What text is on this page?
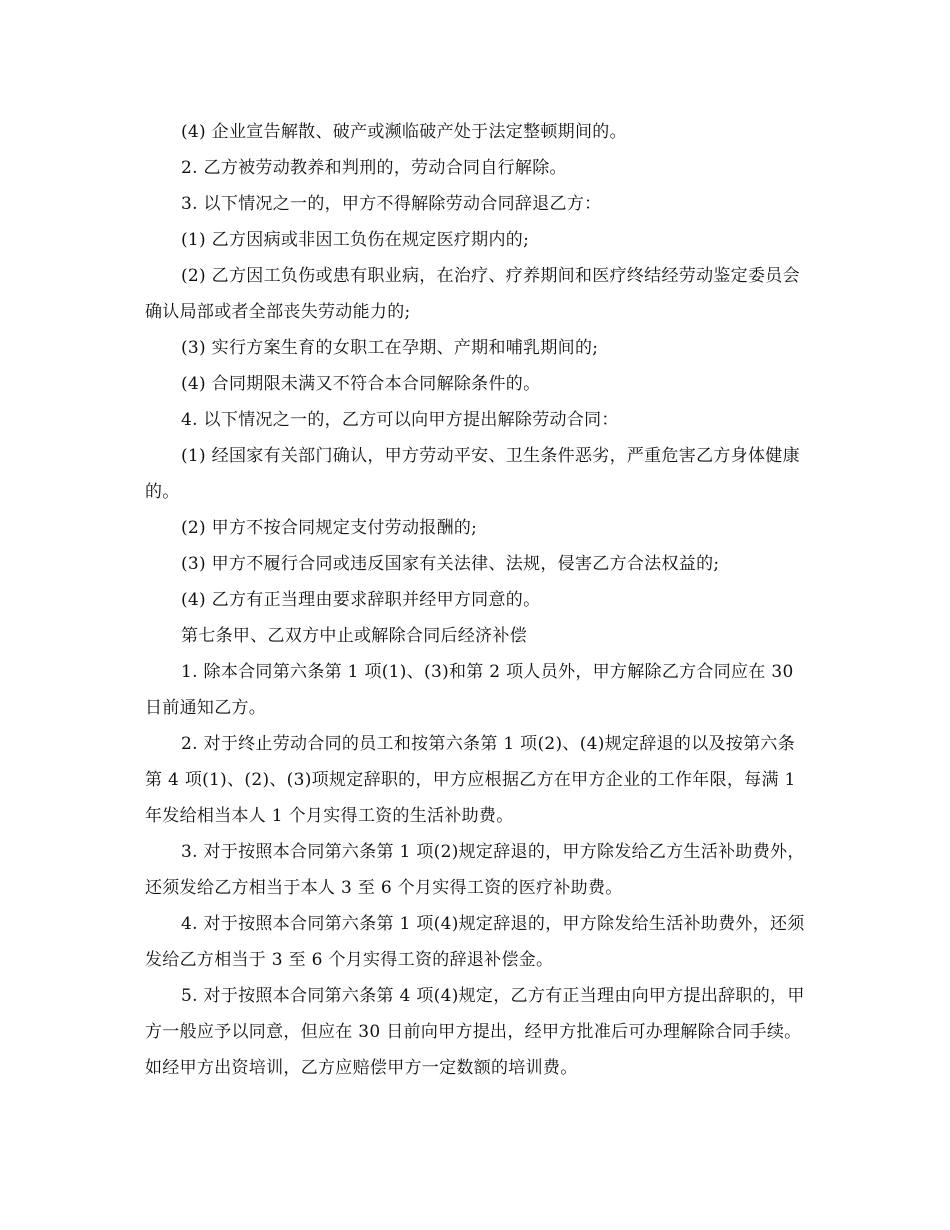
(4) 企业宣告解散、破产或濒临破产处于法定整顿期间的。

2. 乙方被劳动教养和判刑的，劳动合同自行解除。

3. 以下情况之一的，甲方不得解除劳动合同辞退乙方：

(1) 乙方因病或非因工负伤在规定医疗期内的;

(2) 乙方因工负伤或患有职业病，在治疗、疗养期间和医疗终结经劳动鉴定委员会确认局部或者全部丧失劳动能力的;

(3) 实行方案生育的女职工在孕期、产期和哺乳期间的;

(4) 合同期限未满又不符合本合同解除条件的。

4. 以下情况之一的，乙方可以向甲方提出解除劳动合同：

(1) 经国家有关部门确认，甲方劳动平安、卫生条件恶劣，严重危害乙方身体健康的。

(2) 甲方不按合同规定支付劳动报酬的;

(3) 甲方不履行合同或违反国家有关法律、法规，侵害乙方合法权益的;

(4) 乙方有正当理由要求辞职并经甲方同意的。

第七条甲、乙双方中止或解除合同后经济补偿

1. 除本合同第六条第 1 项(1)、(3)和第 2 项人员外，甲方解除乙方合同应在 30 日前通知乙方。

2. 对于终止劳动合同的员工和按第六条第 1 项(2)、(4)规定辞退的以及按第六条第 4 项(1)、(2)、(3)项规定辞职的，甲方应根据乙方在甲方企业的工作年限，每满 1 年发给相当本人 1 个月实得工资的生活补助费。

3. 对于按照本合同第六条第 1 项(2)规定辞退的，甲方除发给乙方生活补助费外，还须发给乙方相当于本人 3 至 6 个月实得工资的医疗补助费。

4. 对于按照本合同第六条第 1 项(4)规定辞退的，甲方除发给生活补助费外，还须发给乙方相当于 3 至 6 个月实得工资的辞退补偿金。

5. 对于按照本合同第六条第 4 项(4)规定，乙方有正当理由向甲方提出辞职的，甲方一般应予以同意，但应在 30 日前向甲方提出，经甲方批准后可办理解除合同手续。如经甲方出资培训，乙方应赔偿甲方一定数额的培训费。
